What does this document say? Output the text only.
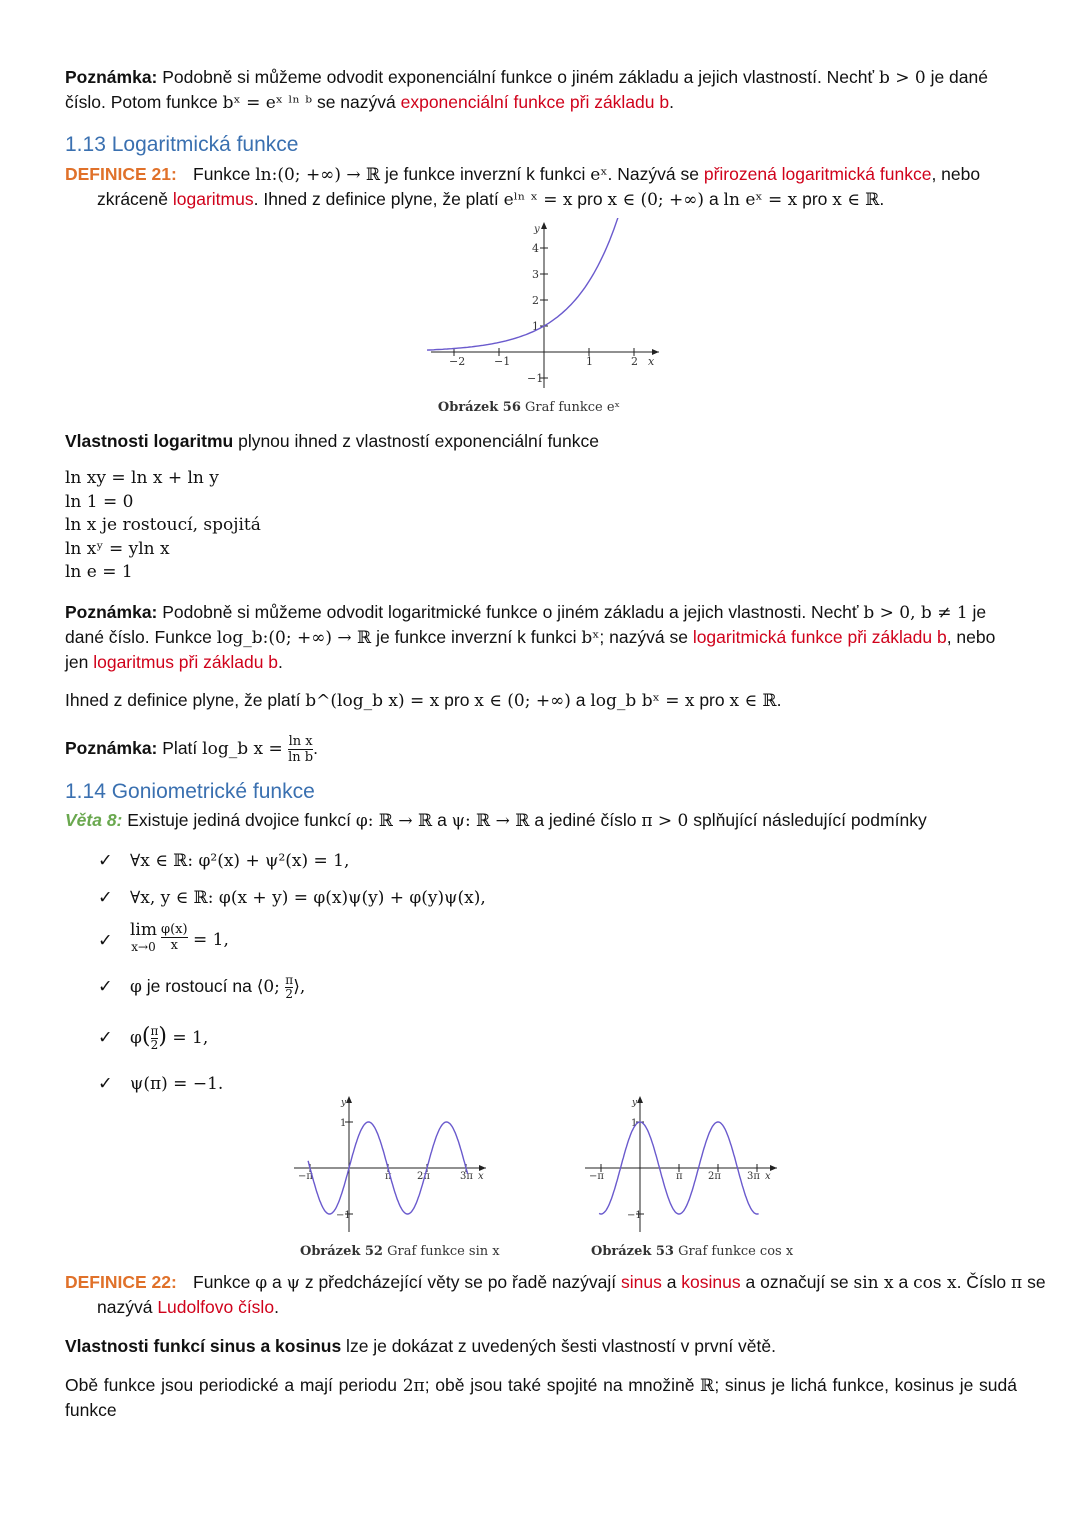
Poznámka: Podobně si můžeme odvodit exponenciální funkce o jiném základu a jejich vlastností. Nechť b > 0 je dané číslo. Potom funkce bˣ = eˣ ˡⁿ ᵇ se nazývá exponenciální funkce při základu b.

1.13 Logaritmická funkce

DEFINICE 21: Funkce ln:(0; +∞) → ℝ je funkce inverzní k funkci eˣ. Nazývá se přirozená logaritmická funkce, nebo zkráceně logaritmus. Ihned z definice plyne, že platí eˡⁿ ˣ = x pro x ∈ (0; +∞) a ln eˣ = x pro x ∈ ℝ.

−2	−1	1	2 x
1
2
3
4
−1
y
Obrázek 56 Graf funkce eˣ

Vlastnosti logaritmu plynou ihned z vlastností exponenciální funkce

ln xy = ln x + ln y
ln 1 = 0
ln x je rostoucí, spojitá
ln xʸ = yln x
ln e = 1

Poznámka: Podobně si můžeme odvodit logaritmické funkce o jiném základu a jejich vlastnosti. Nechť b > 0, b ≠ 1 je dané číslo. Funkce log_b:(0; +∞) → ℝ je funkce inverzní k funkci bˣ; nazývá se logaritmická funkce při základu b, nebo jen logaritmus při základu b.

Ihned z definice plyne, že platí b^(log_b x) = x pro x ∈ (0; +∞) a log_b bˣ = x pro x ∈ ℝ.

Poznámka: Platí log_b $x = \frac{\text{ln x}}{\text{ln b}}$ .

1.14 Goniometrické funkce

Věta 8: Existuje jediná dvojice funkcí φ: ℝ → ℝ a ψ: ℝ → ℝ a jediné číslo π > 0 splňující následující podmínky

✓ ∀x ∈ ℝ: φ²(x) + ψ²(x) = 1,
✓ ∀x, y ∈ ℝ: φ(x + y) = φ(x)ψ(y) + φ(y)ψ(x),
✓ lim
$x\to 0 \frac{\varphi(x)}{x} = 1$,
✓ φ je rostoucí na ⟨0; $\frac{\pi}{2}$ ⟩,
✓ $\varphi( \frac{\pi}{2}$ ) = 1,
✓ ψ(π) = −1.
−π	π	2π	3π x
1
−1
y
Obrázek 52 Graf funkce sin x
−π	π	2π	3π x
1
−1
y
Obrázek 53 Graf funkce cos x

DEFINICE 22: Funkce φ a ψ z předcházející věty se po řadě nazývají sinus a kosinus a označují se sin x a cos x. Číslo π se nazývá Ludolfovo číslo.

Vlastnosti funkcí sinus a kosinus lze je dokázat z uvedených šesti vlastností v první větě.

Obě funkce jsou periodické a mají periodu 2π; obě jsou také spojité na množině ℝ; sinus je lichá funkce, kosinus je sudá funkce
